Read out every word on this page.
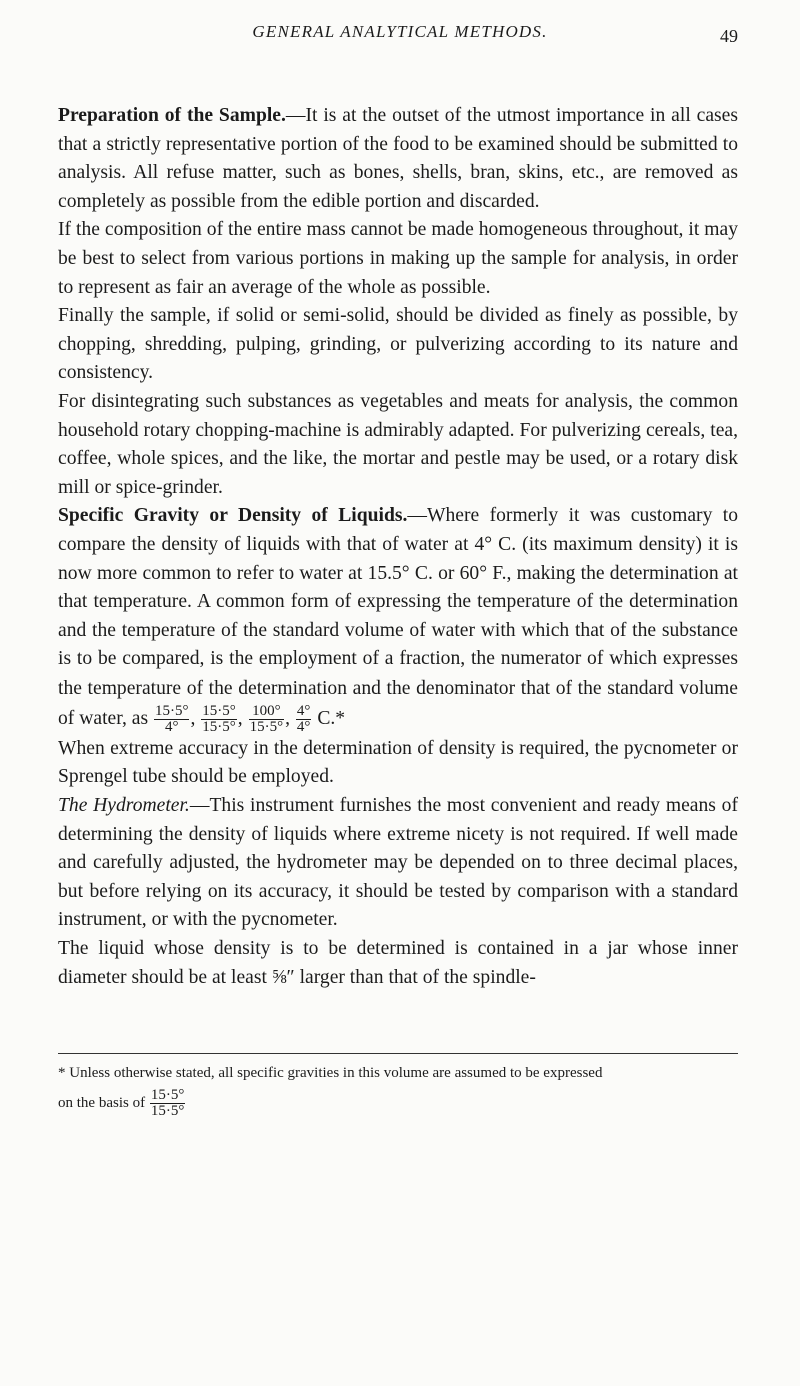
GENERAL ANALYTICAL METHODS.	49

Preparation of the Sample.—It is at the outset of the utmost importance in all cases that a strictly representative portion of the food to be examined should be submitted to analysis. All refuse matter, such as bones, shells, bran, skins, etc., are removed as completely as possible from the edible portion and discarded.

If the composition of the entire mass cannot be made homogeneous throughout, it may be best to select from various portions in making up the sample for analysis, in order to represent as fair an average of the whole as possible.

Finally the sample, if solid or semi-solid, should be divided as finely as possible, by chopping, shredding, pulping, grinding, or pulverizing according to its nature and consistency.

For disintegrating such substances as vegetables and meats for analysis, the common household rotary chopping-machine is admirably adapted. For pulverizing cereals, tea, coffee, whole spices, and the like, the mortar and pestle may be used, or a rotary disk mill or spice-grinder.

Specific Gravity or Density of Liquids.—Where formerly it was customary to compare the density of liquids with that of water at 4° C. (its maximum density) it is now more common to refer to water at 15.5° C. or 60° F., making the determination at that temperature. A common form of expressing the temperature of the determination and the temperature of the standard volume of water with which that of the substance is to be compared, is the employment of a fraction, the numerator of which expresses the temperature of the determination and the denominator that of the standard volume of water, as $\frac{15\cdot 5^\circ}{4^\circ}$ , $\frac{15\cdot 5^\circ}{15\cdot 5^\circ}$ , $\frac{100^\circ}{15\cdot 5^\circ}$ , $\frac{4^\circ}{4^\circ} C.*$

When extreme accuracy in the determination of density is required, the pycnometer or Sprengel tube should be employed.

The Hydrometer.—This instrument furnishes the most convenient and ready means of determining the density of liquids where extreme nicety is not required. If well made and carefully adjusted, the hydrometer may be depended on to three decimal places, but before relying on its accuracy, it should be tested by comparison with a standard instrument, or with the pycnometer.

The liquid whose density is to be determined is contained in a jar whose inner diameter should be at least ⅝″ larger than that of the spindle-

* Unless otherwise stated, all specific gravities in this volume are assumed to be expressed
on the basis of $\frac{15\cdot 5^\circ}{15\cdot 5^\circ}$
